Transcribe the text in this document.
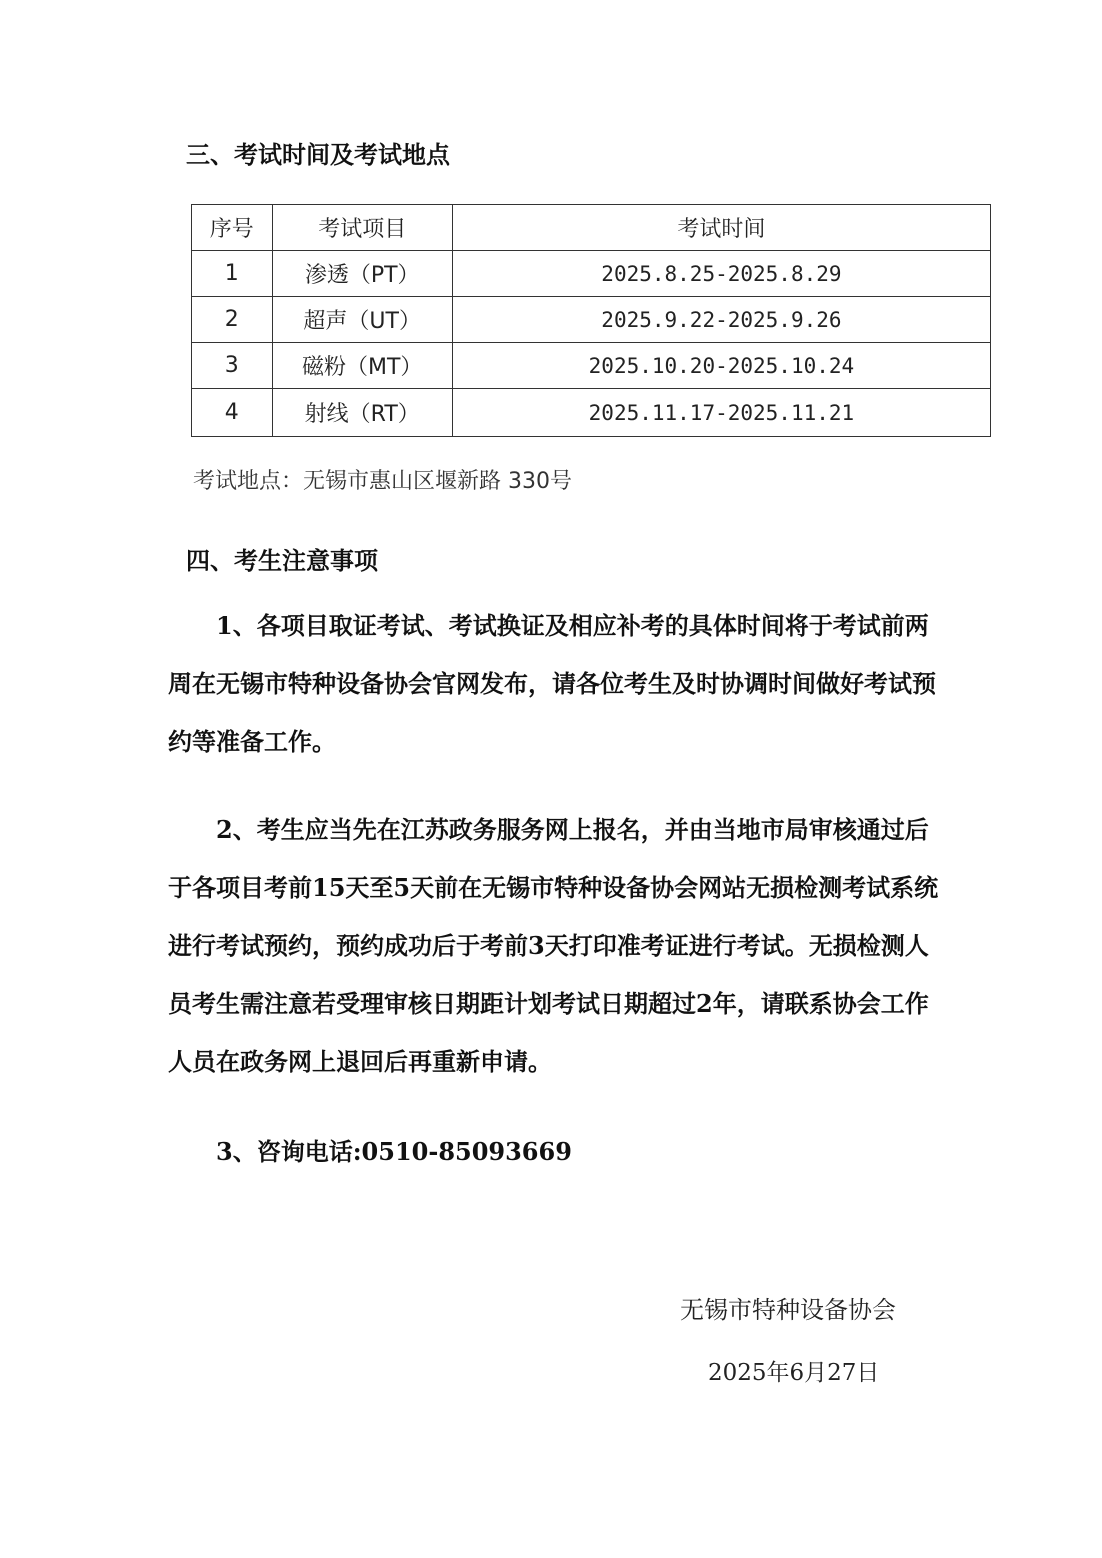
三、考试时间及考试地点
序号	考试项目	考试时间
1	渗透（PT）	2025.8.25-2025.8.29
2	超声（UT）	2025.9.22-2025.9.26
3	磁粉（MT）	2025.10.20-2025.10.24
4	射线（RT）	2025.11.17-2025.11.21
考试地点：无锡市惠山区堰新路 330号
四、考生注意事项

1、各项目取证考试、考试换证及相应补考的具体时间将于考试前两周在无锡市特种设备协会官网发布，请各位考生及时协调时间做好考试预约等准备工作。

2、考生应当先在江苏政务服务网上报名，并由当地市局审核通过后于各项目考前15天至5天前在无锡市特种设备协会网站无损检测考试系统进行考试预约，预约成功后于考前3天打印准考证进行考试。无损检测人员考生需注意若受理审核日期距计划考试日期超过2年，请联系协会工作人员在政务网上退回后再重新申请。

3、咨询电话:0510-85093669

无锡市特种设备协会
2025年6月27日
